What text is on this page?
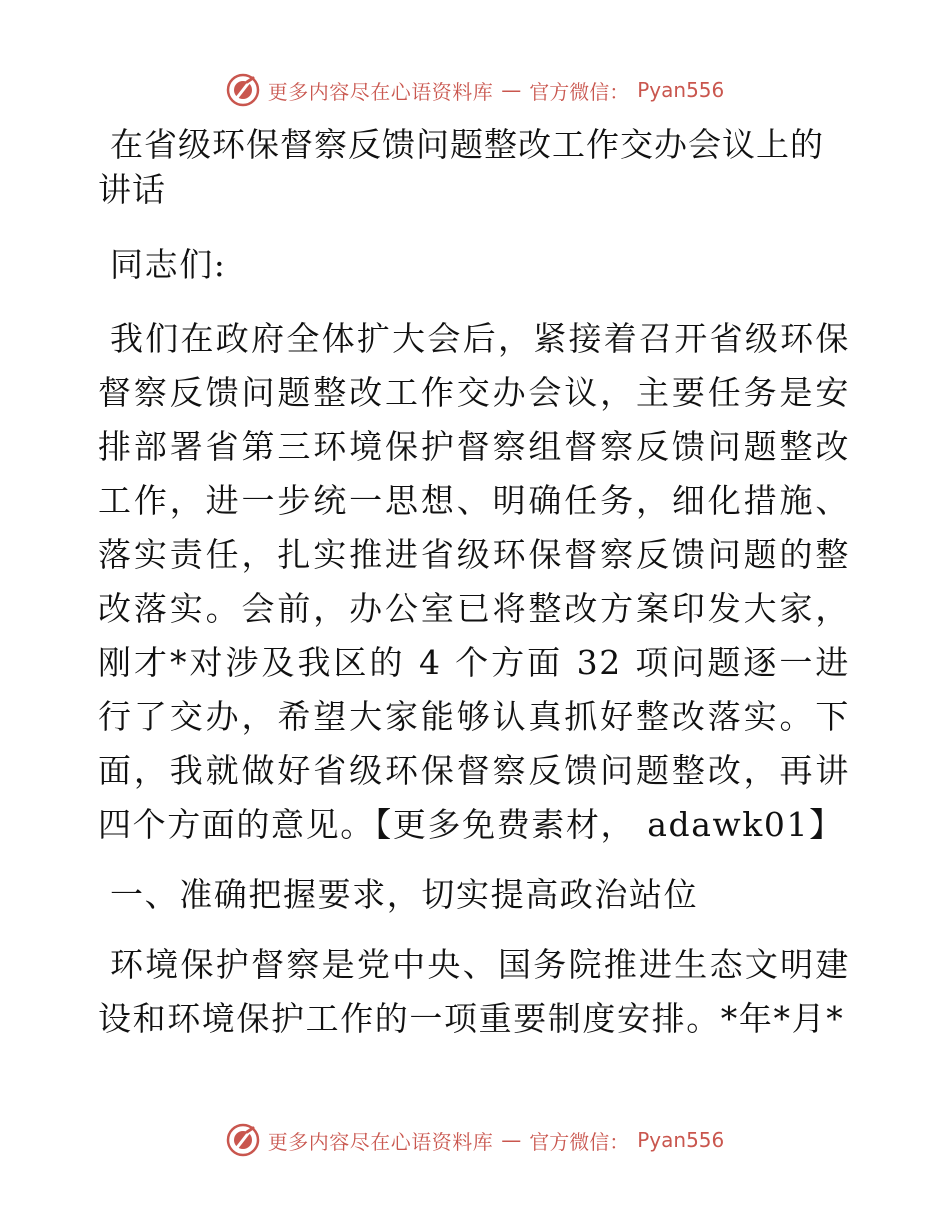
更多内容尽在心语资料库 — 官方微信： Pyan556
在省级环保督察反馈问题整改工作交办会议上的讲话

同志们:

我们在政府全体扩大会后，紧接着召开省级环保督察反馈问题整改工作交办会议，主要任务是安排部署省第三环境保护督察组督察反馈问题整改工作，进一步统一思想、明确任务，细化措施、落实责任，扎实推进省级环保督察反馈问题的整改落实。会前，办公室已将整改方案印发大家，刚才*对涉及我区的 4 个方面 32 项问题逐一进行了交办，希望大家能够认真抓好整改落实。下面，我就做好省级环保督察反馈问题整改，再讲四个方面的意见。【更多免费素材， adawk01】

一、准确把握要求，切实提高政治站位

环境保护督察是党中央、国务院推进生态文明建设和环境保护工作的一项重要制度安排。*年*月*

更多内容尽在心语资料库 — 官方微信： Pyan556
